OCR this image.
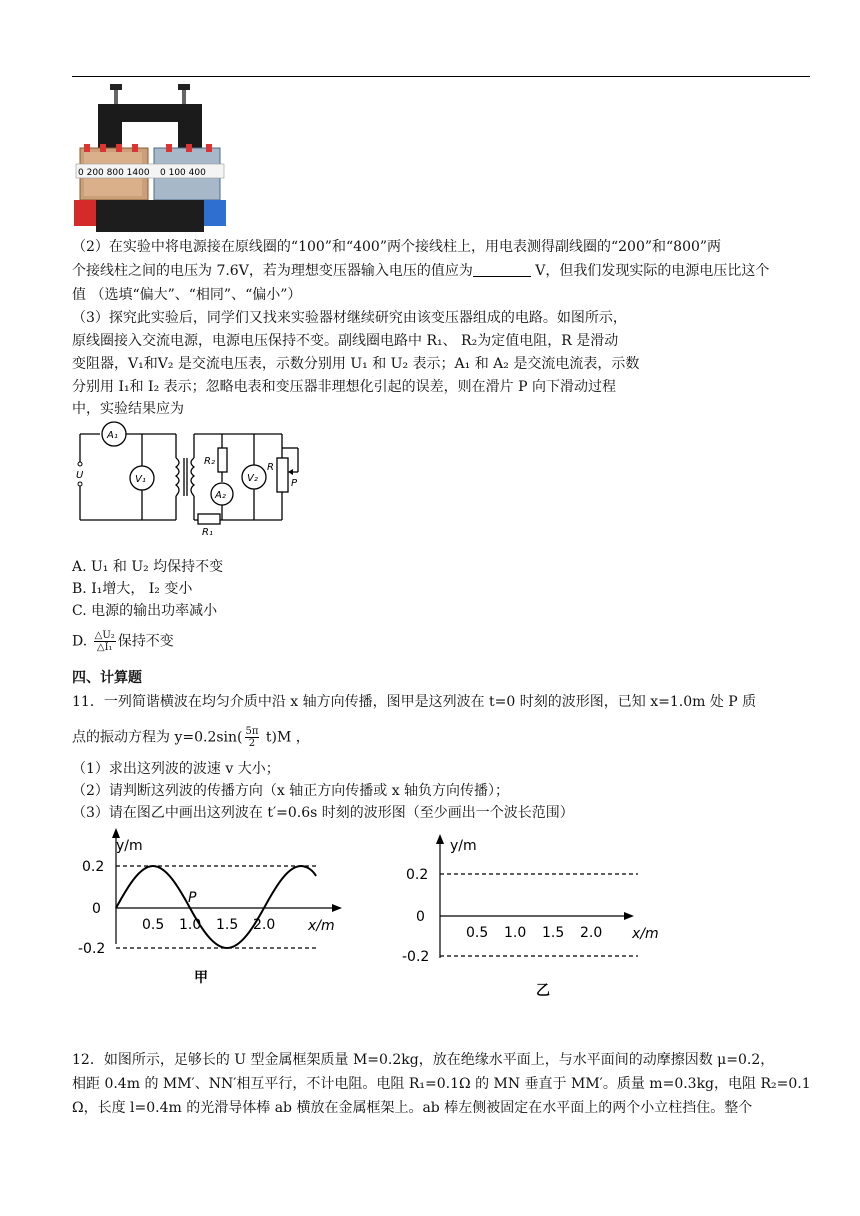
0 200 800 1400 0 100 400
（2）在实验中将电源接在原线圈的“100”和“400”两个接线柱上，用电表测得副线圈的“200”和“800”两
个接线柱之间的电压为 7.6V，若为理想变压器输入电压的值应为	V，但我们发现实际的电源电压比这个
值 （选填“偏大”、“相同”、“偏小”）
（3）探究此实验后，同学们又找来实验器材继续研究由该变压器组成的电路。如图所示，
原线圈接入交流电源，电源电压保持不变。副线圈电路中 R₁、 R₂为定值电阻，R 是滑动
变阻器，V₁和V₂ 是交流电压表，示数分别用 U₁ 和 U₂ 表示；A₁ 和 A₂ 是交流电流表，示数
分别用 I₁和 I₂ 表示；忽略电表和变压器非理想化引起的误差，则在滑片 P 向下滑动过程
中，实验结果应为
A₁
V₁
U
R₂
A₂
V₂
R
P
R₁
A. U₁ 和 U₂ 均保持不变
B. I₁增大， I₂ 变小
C. 电源的输出功率减小
D. $\frac{\text{△U₂}}{\text{△I₁}}$ 保持不变
四、计算题
11．一列简谐横波在均匀介质中沿 x 轴方向传播，图甲是这列波在 t=0 时刻的波形图，已知 x=1.0m 处 P 质
点的振动方程为 $y=0.2\sin( \frac{5\pi}{2} t)M$ ，
（1）求出这列波的波速 v 大小；
（2）请判断这列波的传播方向（x 轴正方向传播或 x 轴负方向传播）；
（3）请在图乙中画出这列波在 t′=0.6s 时刻的波形图（至少画出一个波长范围）
y/m
x/m
0.2
0
-0.2
0.5 1.0 1.5 2.0
P
甲
y/m
x/m
0.2
0
-0.2
0.5 1.0 1.5 2.0
乙
12．如图所示，足够长的 U 型金属框架质量 M=0.2kg，放在绝缘水平面上，与水平面间的动摩擦因数 μ=0.2，
相距 0.4m 的 MM′、NN′相互平行，不计电阻。电阻 R₁=0.1Ω 的 MN 垂直于 MM′。质量 m=0.3kg，电阻 R₂=0.1
Ω，长度 l=0.4m 的光滑导体棒 ab 横放在金属框架上。ab 棒左侧被固定在水平面上的两个小立柱挡住。整个
